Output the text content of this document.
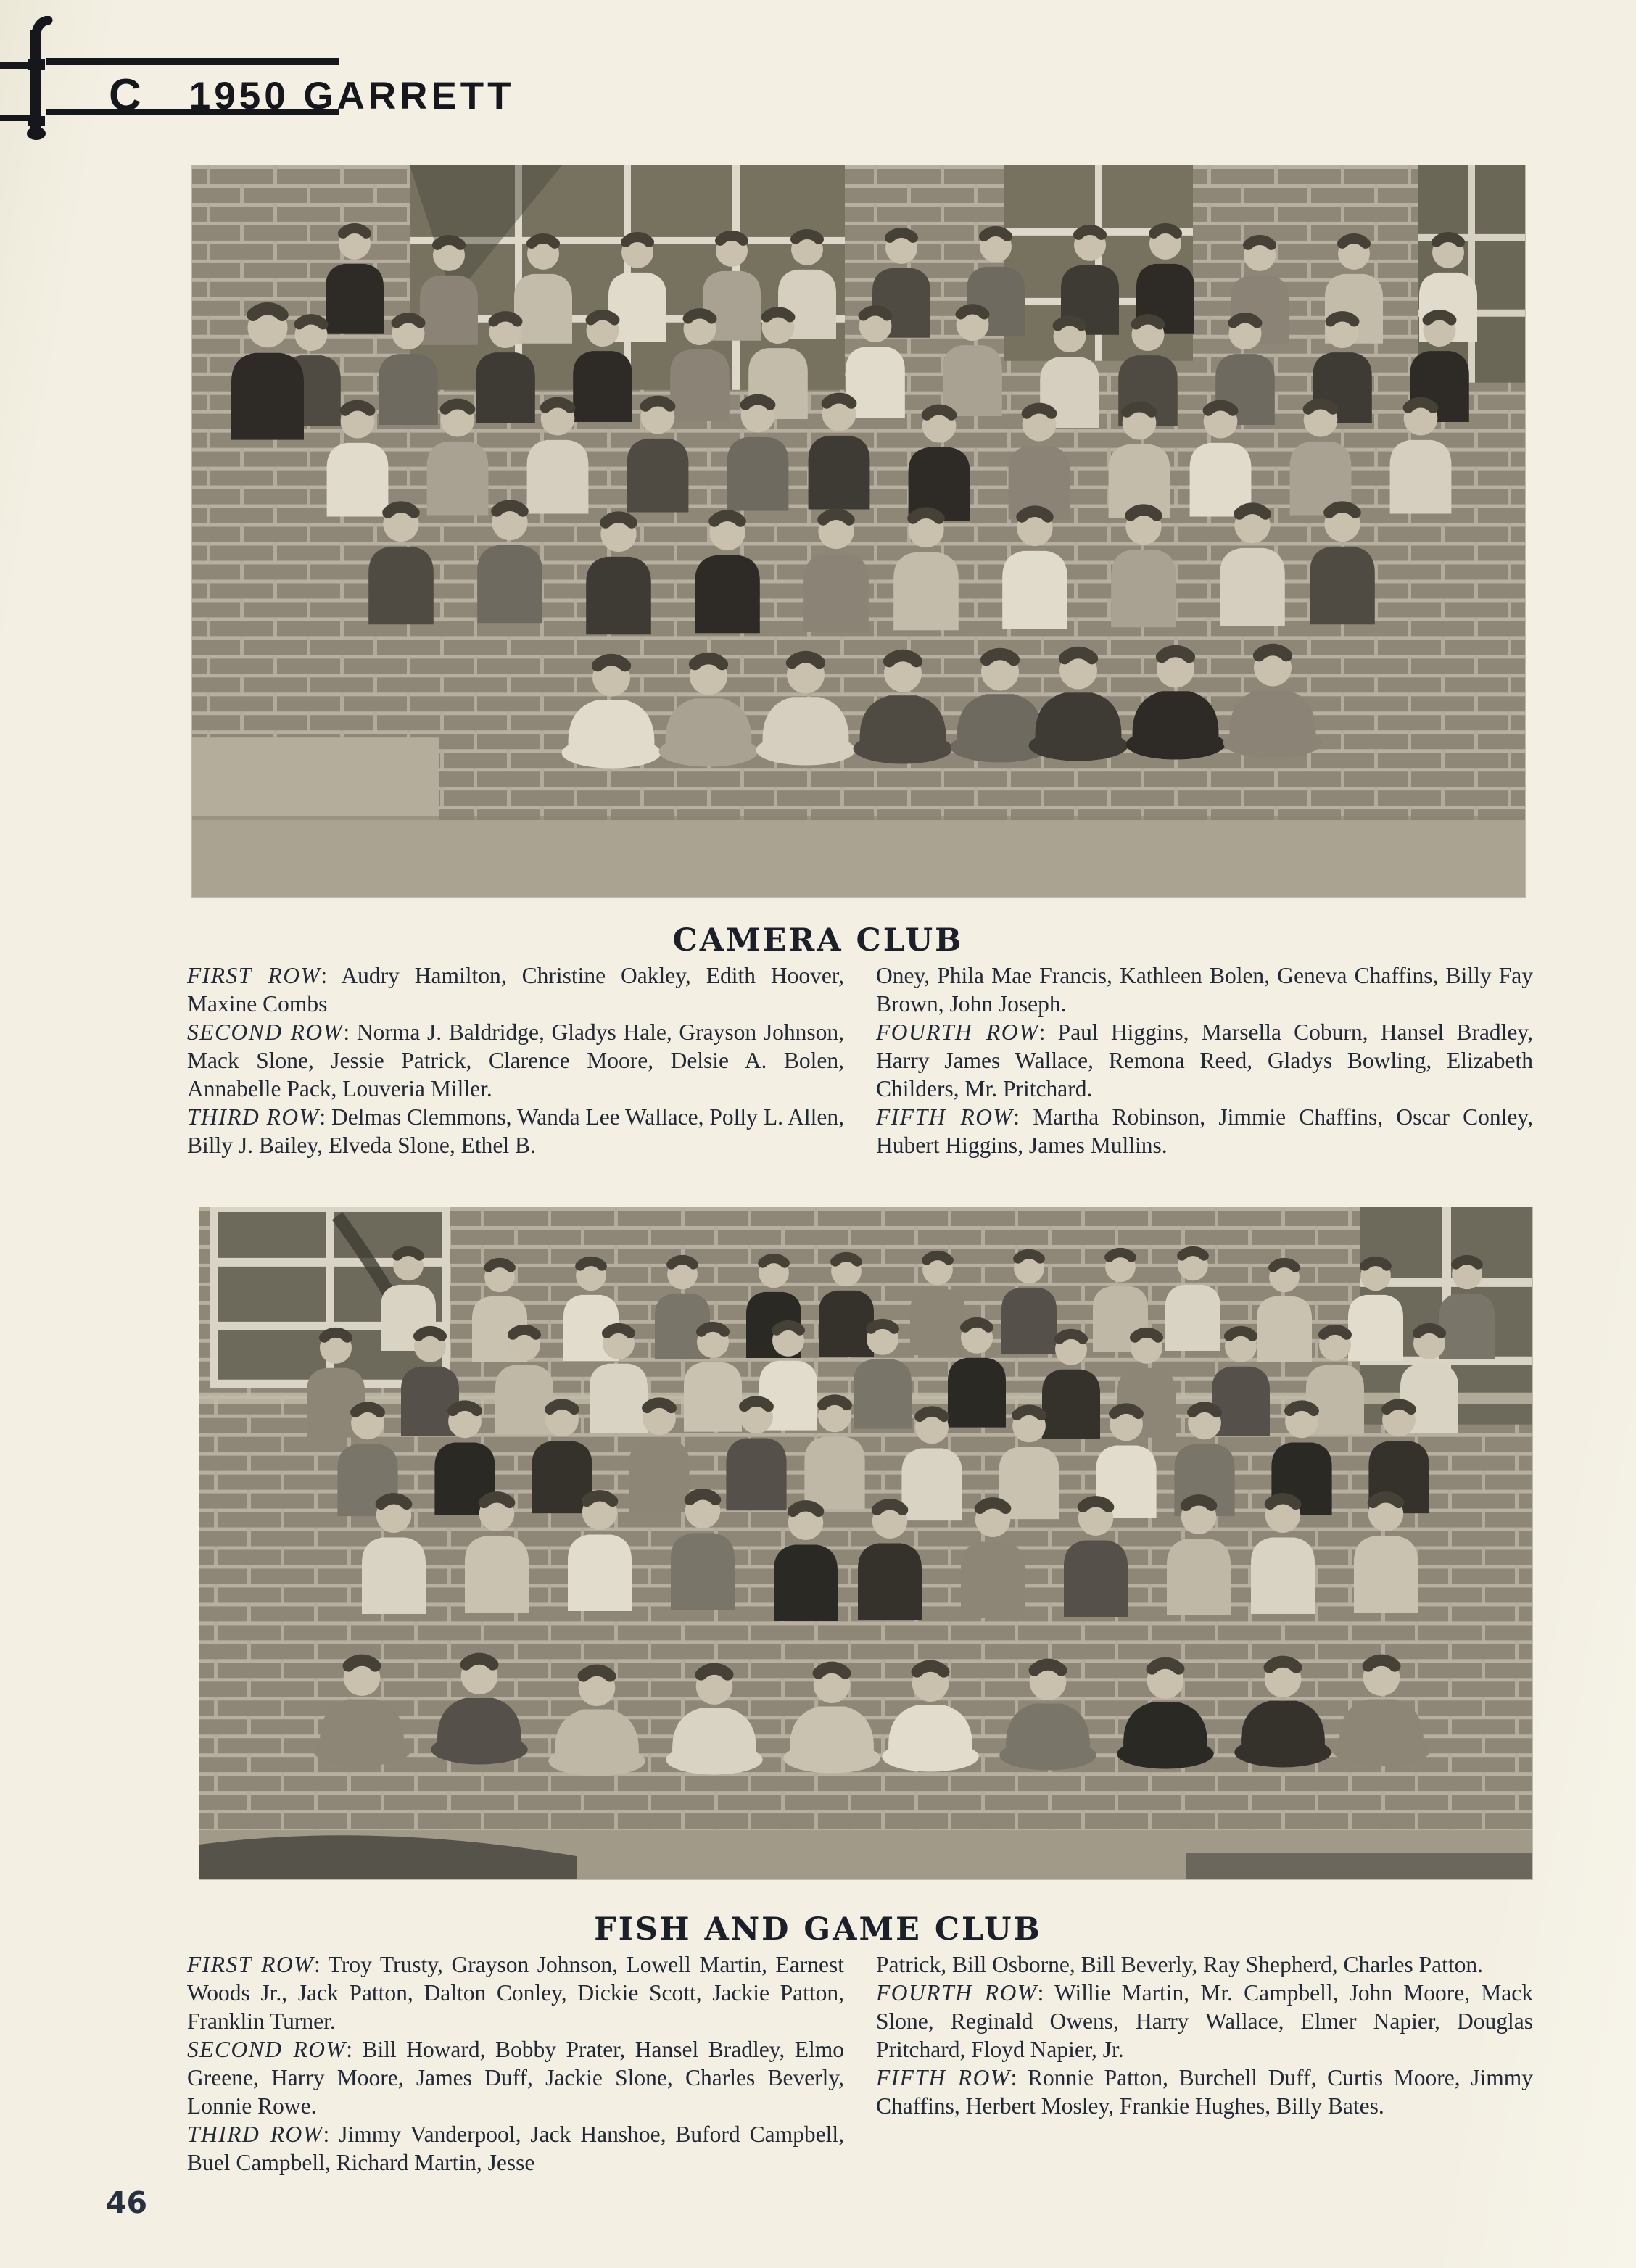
C 1950 GARRETT
CAMERA CLUB

FIRST ROW: Audry Hamilton, Christine Oakley, Edith Hoover, Maxine Combs

SECOND ROW: Norma J. Baldridge, Gladys Hale, Grayson Johnson, Mack Slone, Jessie Patrick, Clarence Moore, Delsie A. Bolen, Annabelle Pack, Louveria Miller.

THIRD ROW: Delmas Clemmons, Wanda Lee Wallace, Polly L. Allen, Billy J. Bailey, Elveda Slone, Ethel B.

Oney, Phila Mae Francis, Kathleen Bolen, Geneva Chaffins, Billy Fay Brown, John Joseph.

FOURTH ROW: Paul Higgins, Marsella Coburn, Hansel Bradley, Harry James Wallace, Remona Reed, Gladys Bowling, Elizabeth Childers, Mr. Pritchard.

FIFTH ROW: Martha Robinson, Jimmie Chaffins, Oscar Conley, Hubert Higgins, James Mullins.

FISH AND GAME CLUB

FIRST ROW: Troy Trusty, Grayson Johnson, Lowell Martin, Earnest Woods Jr., Jack Patton, Dalton Conley, Dickie Scott, Jackie Patton, Franklin Turner.

SECOND ROW: Bill Howard, Bobby Prater, Hansel Bradley, Elmo Greene, Harry Moore, James Duff, Jackie Slone, Charles Beverly, Lonnie Rowe.

THIRD ROW: Jimmy Vanderpool, Jack Hanshoe, Buford Campbell, Buel Campbell, Richard Martin, Jesse

Patrick, Bill Osborne, Bill Beverly, Ray Shepherd, Charles Patton.

FOURTH ROW: Willie Martin, Mr. Campbell, John Moore, Mack Slone, Reginald Owens, Harry Wallace, Elmer Napier, Douglas Pritchard, Floyd Napier, Jr.

FIFTH ROW: Ronnie Patton, Burchell Duff, Curtis Moore, Jimmy Chaffins, Herbert Mosley, Frankie Hughes, Billy Bates.

46
